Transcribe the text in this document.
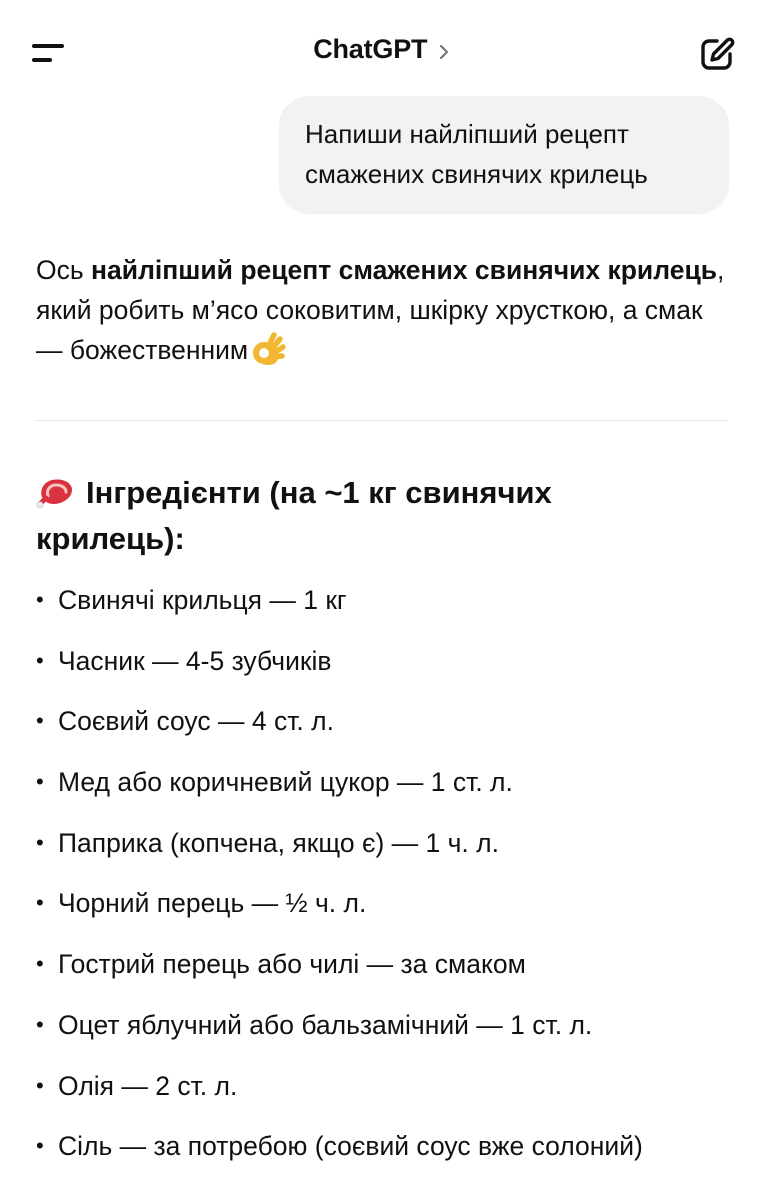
ChatGPT
Напиши найліпший рецепт смажених свинячих крилець

Ось найліпший рецепт смажених свинячих крилець, який робить м’ясо соковитим, шкірку хрусткою, а смак — божественним

Інгредієнти (на ~1 кг свинячих крилець):
• Свинячі крильця — 1 кг
• Часник — 4-5 зубчиків
• Соєвий соус — 4 ст. л.
• Мед або коричневий цукор — 1 ст. л.
• Паприка (копчена, якщо є) — 1 ч. л.
• Чорний перець — ½ ч. л.
• Гострий перець або чилі — за смаком
• Оцет яблучний або бальзамічний — 1 ст. л.
• Олія — 2 ст. л.
• Сіль — за потребою (соєвий соус вже солоний)
